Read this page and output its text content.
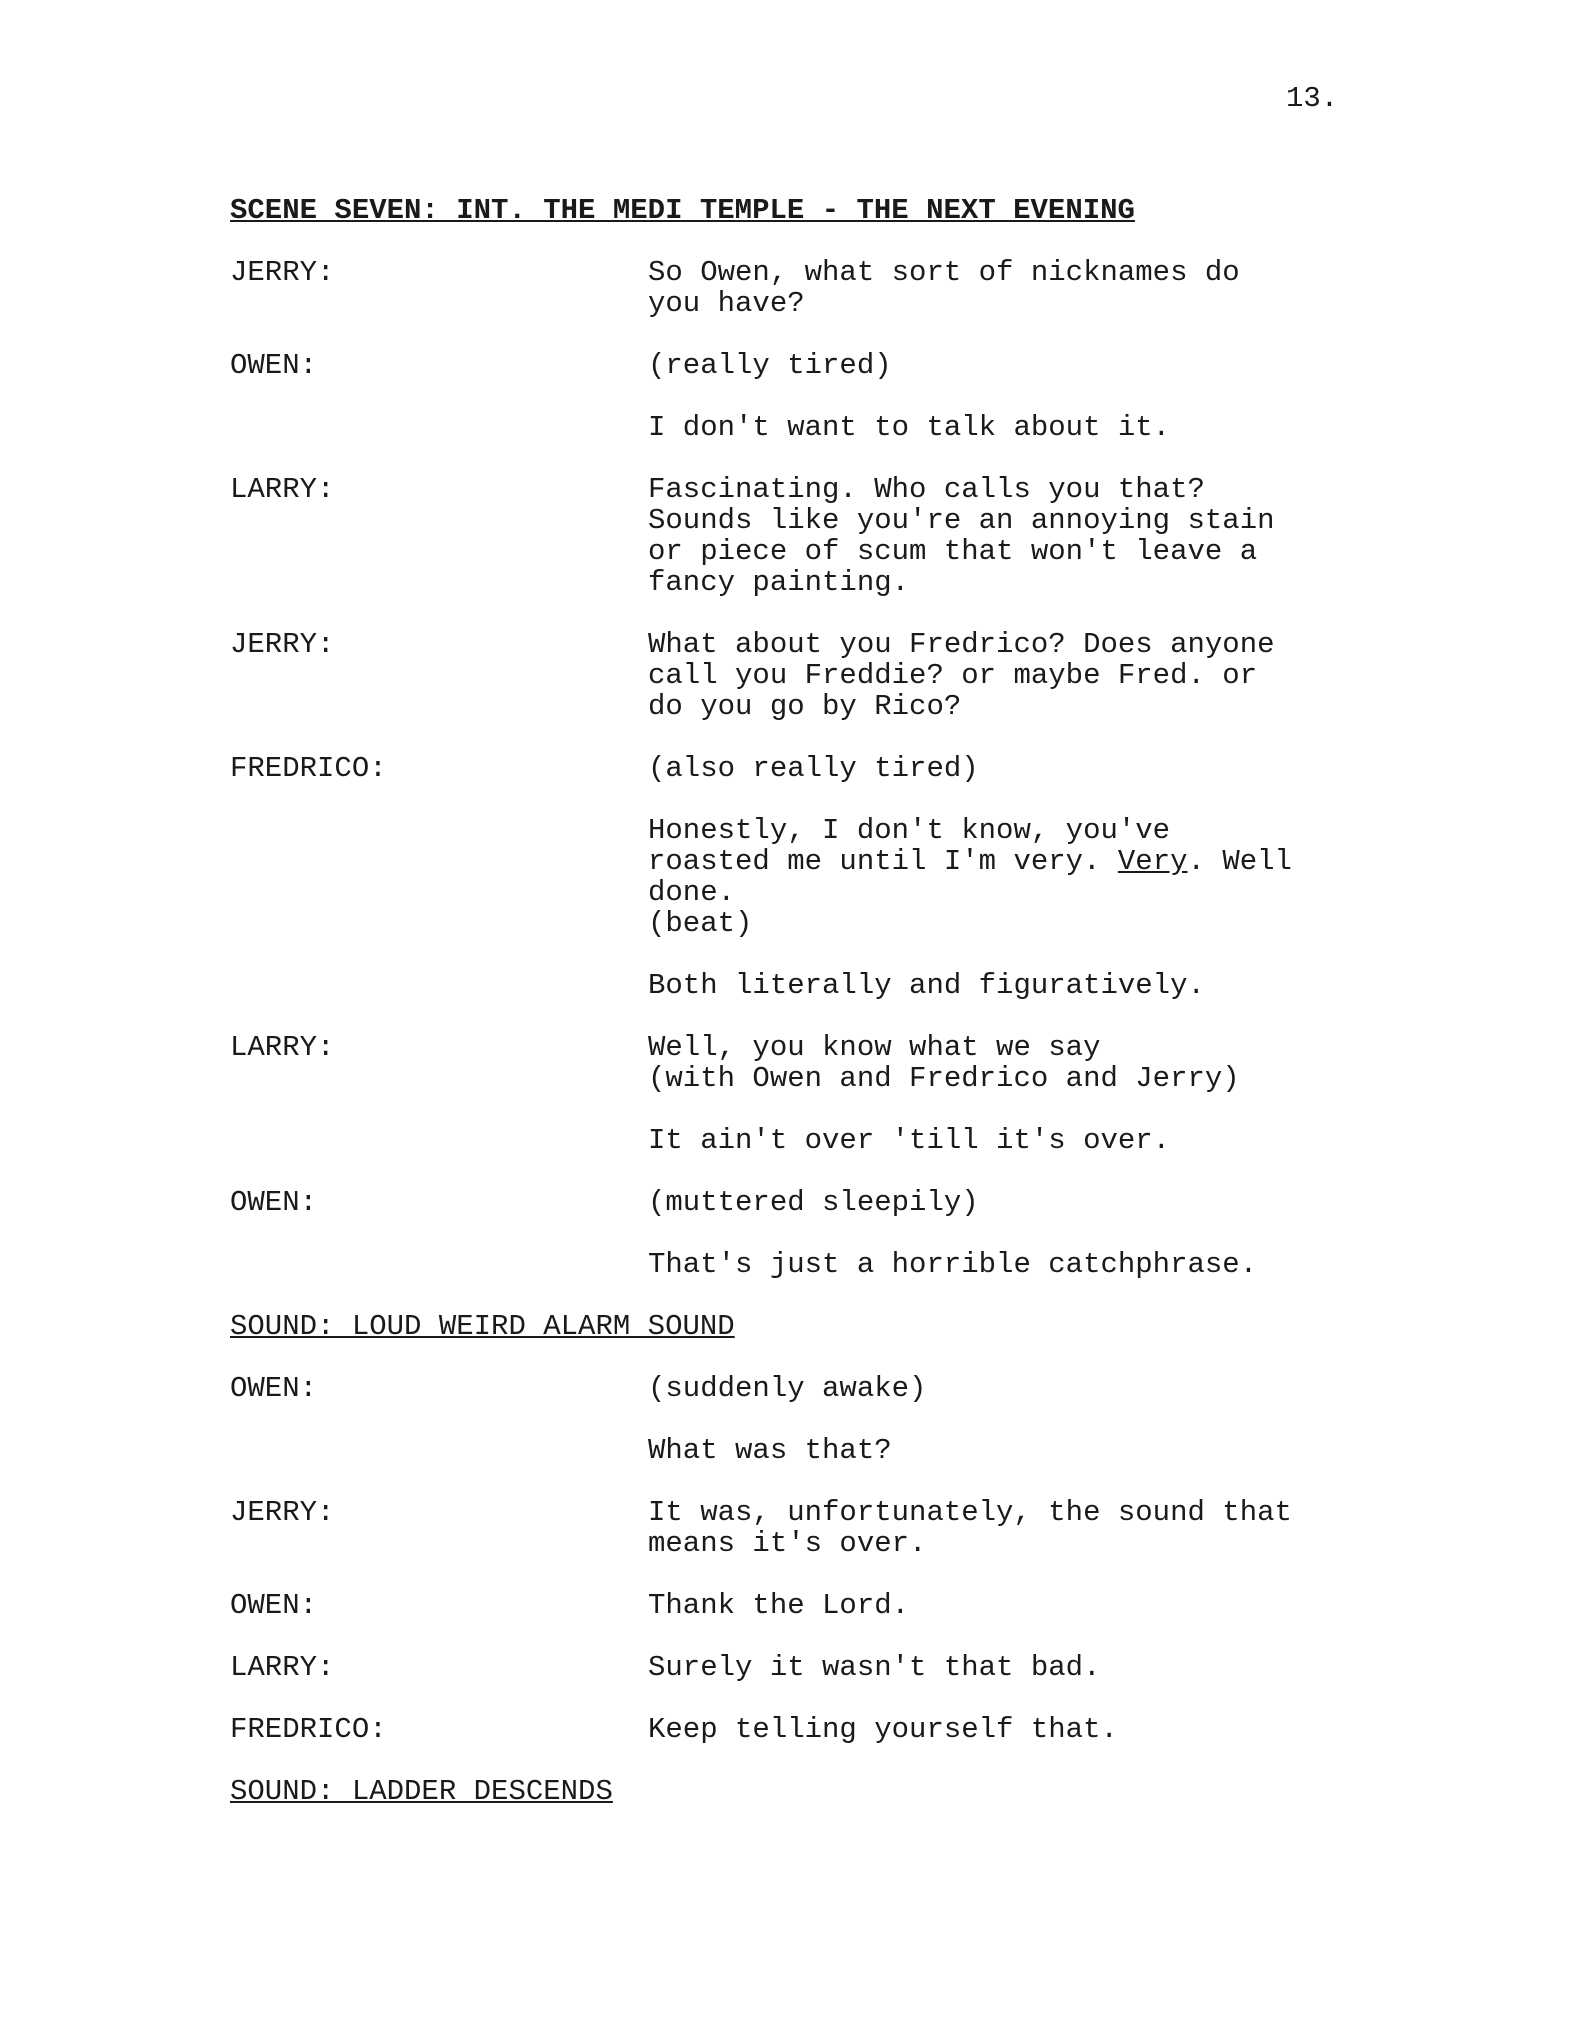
13.
SCENE SEVEN: INT. THE MEDI TEMPLE - THE NEXT EVENING
JERRY:	So Owen, what sort of nicknames do
you have?
OWEN:	(really tired)
I don't want to talk about it.
LARRY:	Fascinating. Who calls you that?
Sounds like you're an annoying stain
or piece of scum that won't leave a
fancy painting.
JERRY:	What about you Fredrico? Does anyone
call you Freddie? or maybe Fred. or
do you go by Rico?
FREDRICO:	(also really tired)
Honestly, I don't know, you've
roasted me until I'm very. Very. Well
done.
(beat)
Both literally and figuratively.
LARRY:	Well, you know what we say
(with Owen and Fredrico and Jerry)
It ain't over 'till it's over.
OWEN:	(muttered sleepily)
That's just a horrible catchphrase.
SOUND: LOUD WEIRD ALARM SOUND
OWEN:	(suddenly awake)
What was that?
JERRY:	It was, unfortunately, the sound that
means it's over.
OWEN:	Thank the Lord.
LARRY:	Surely it wasn't that bad.
FREDRICO:	Keep telling yourself that.
SOUND: LADDER DESCENDS
